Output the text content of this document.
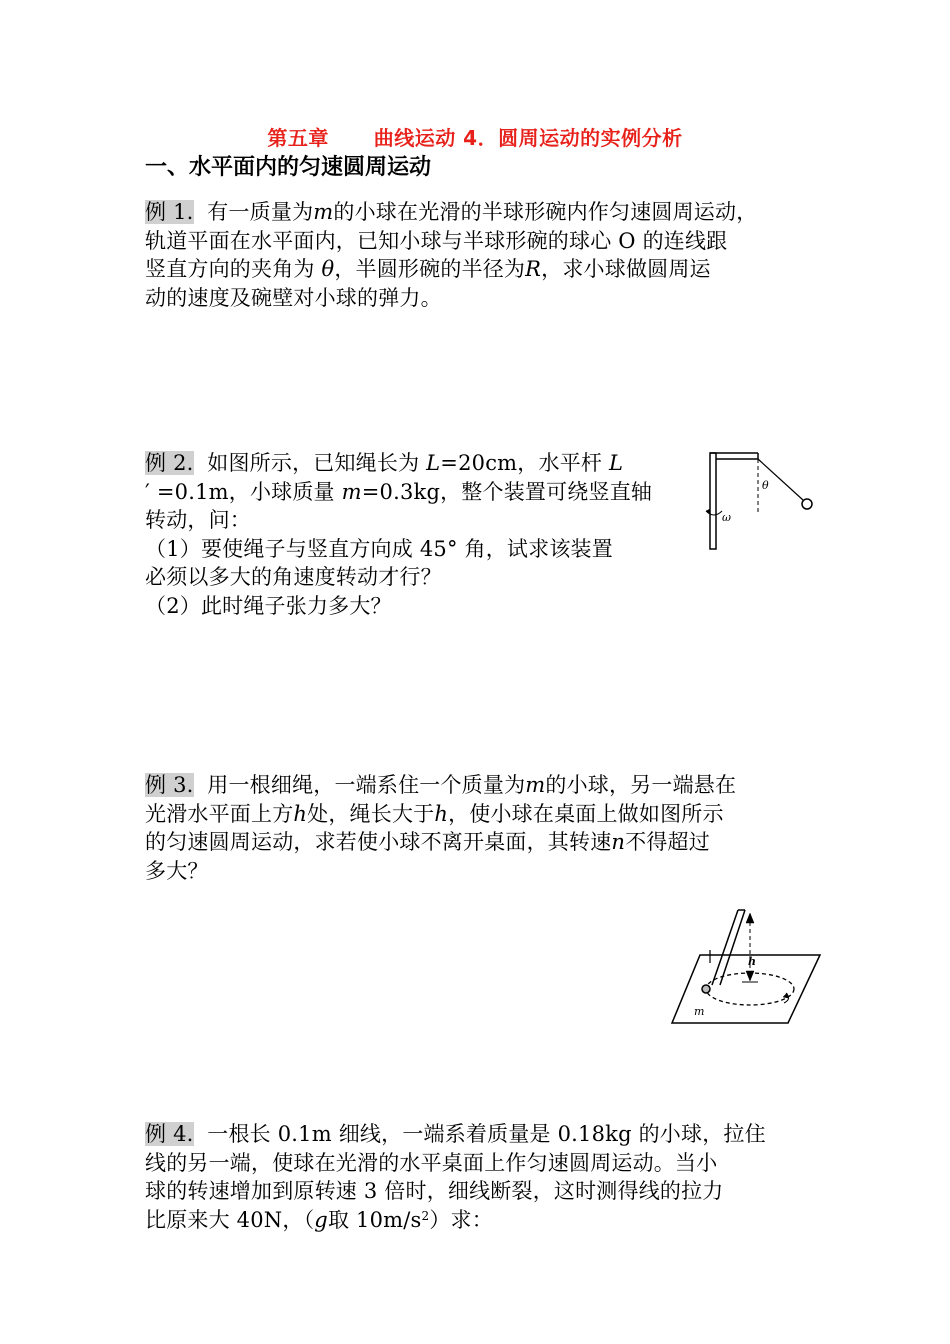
第五章      曲线运动 4．圆周运动的实例分析
一、水平面内的匀速圆周运动
例 1.  有一质量为m的小球在光滑的半球形碗内作匀速圆周运动，
轨道平面在水平面内，已知小球与半球形碗的球心 O 的连线跟
竖直方向的夹角为 θ，半圆形碗的半径为R，求小球做圆周运
动的速度及碗壁对小球的弹力。
例 2.  如图所示，已知绳长为 L=20cm，水平杆 L
′ =0.1m，小球质量 m=0.3kg，整个装置可绕竖直轴
转动，问：
（1）要使绳子与竖直方向成 45° 角，试求该装置
必须以多大的角速度转动才行？
（2）此时绳子张力多大？
θ
ω
例 3.  用一根细绳，一端系住一个质量为m的小球，另一端悬在
光滑水平面上方h处，绳长大于h，使小球在桌面上做如图所示
的匀速圆周运动，求若使小球不离开桌面，其转速n不得超过
多大？
h
m
例 4.  一根长 0.1m 细线，一端系着质量是 0.18kg 的小球，拉住
线的另一端，使球在光滑的水平桌面上作匀速圆周运动。当小
球的转速增加到原转速 3 倍时，细线断裂，这时测得线的拉力
比原来大 40N，（g取 $10m/s^2$）求：
